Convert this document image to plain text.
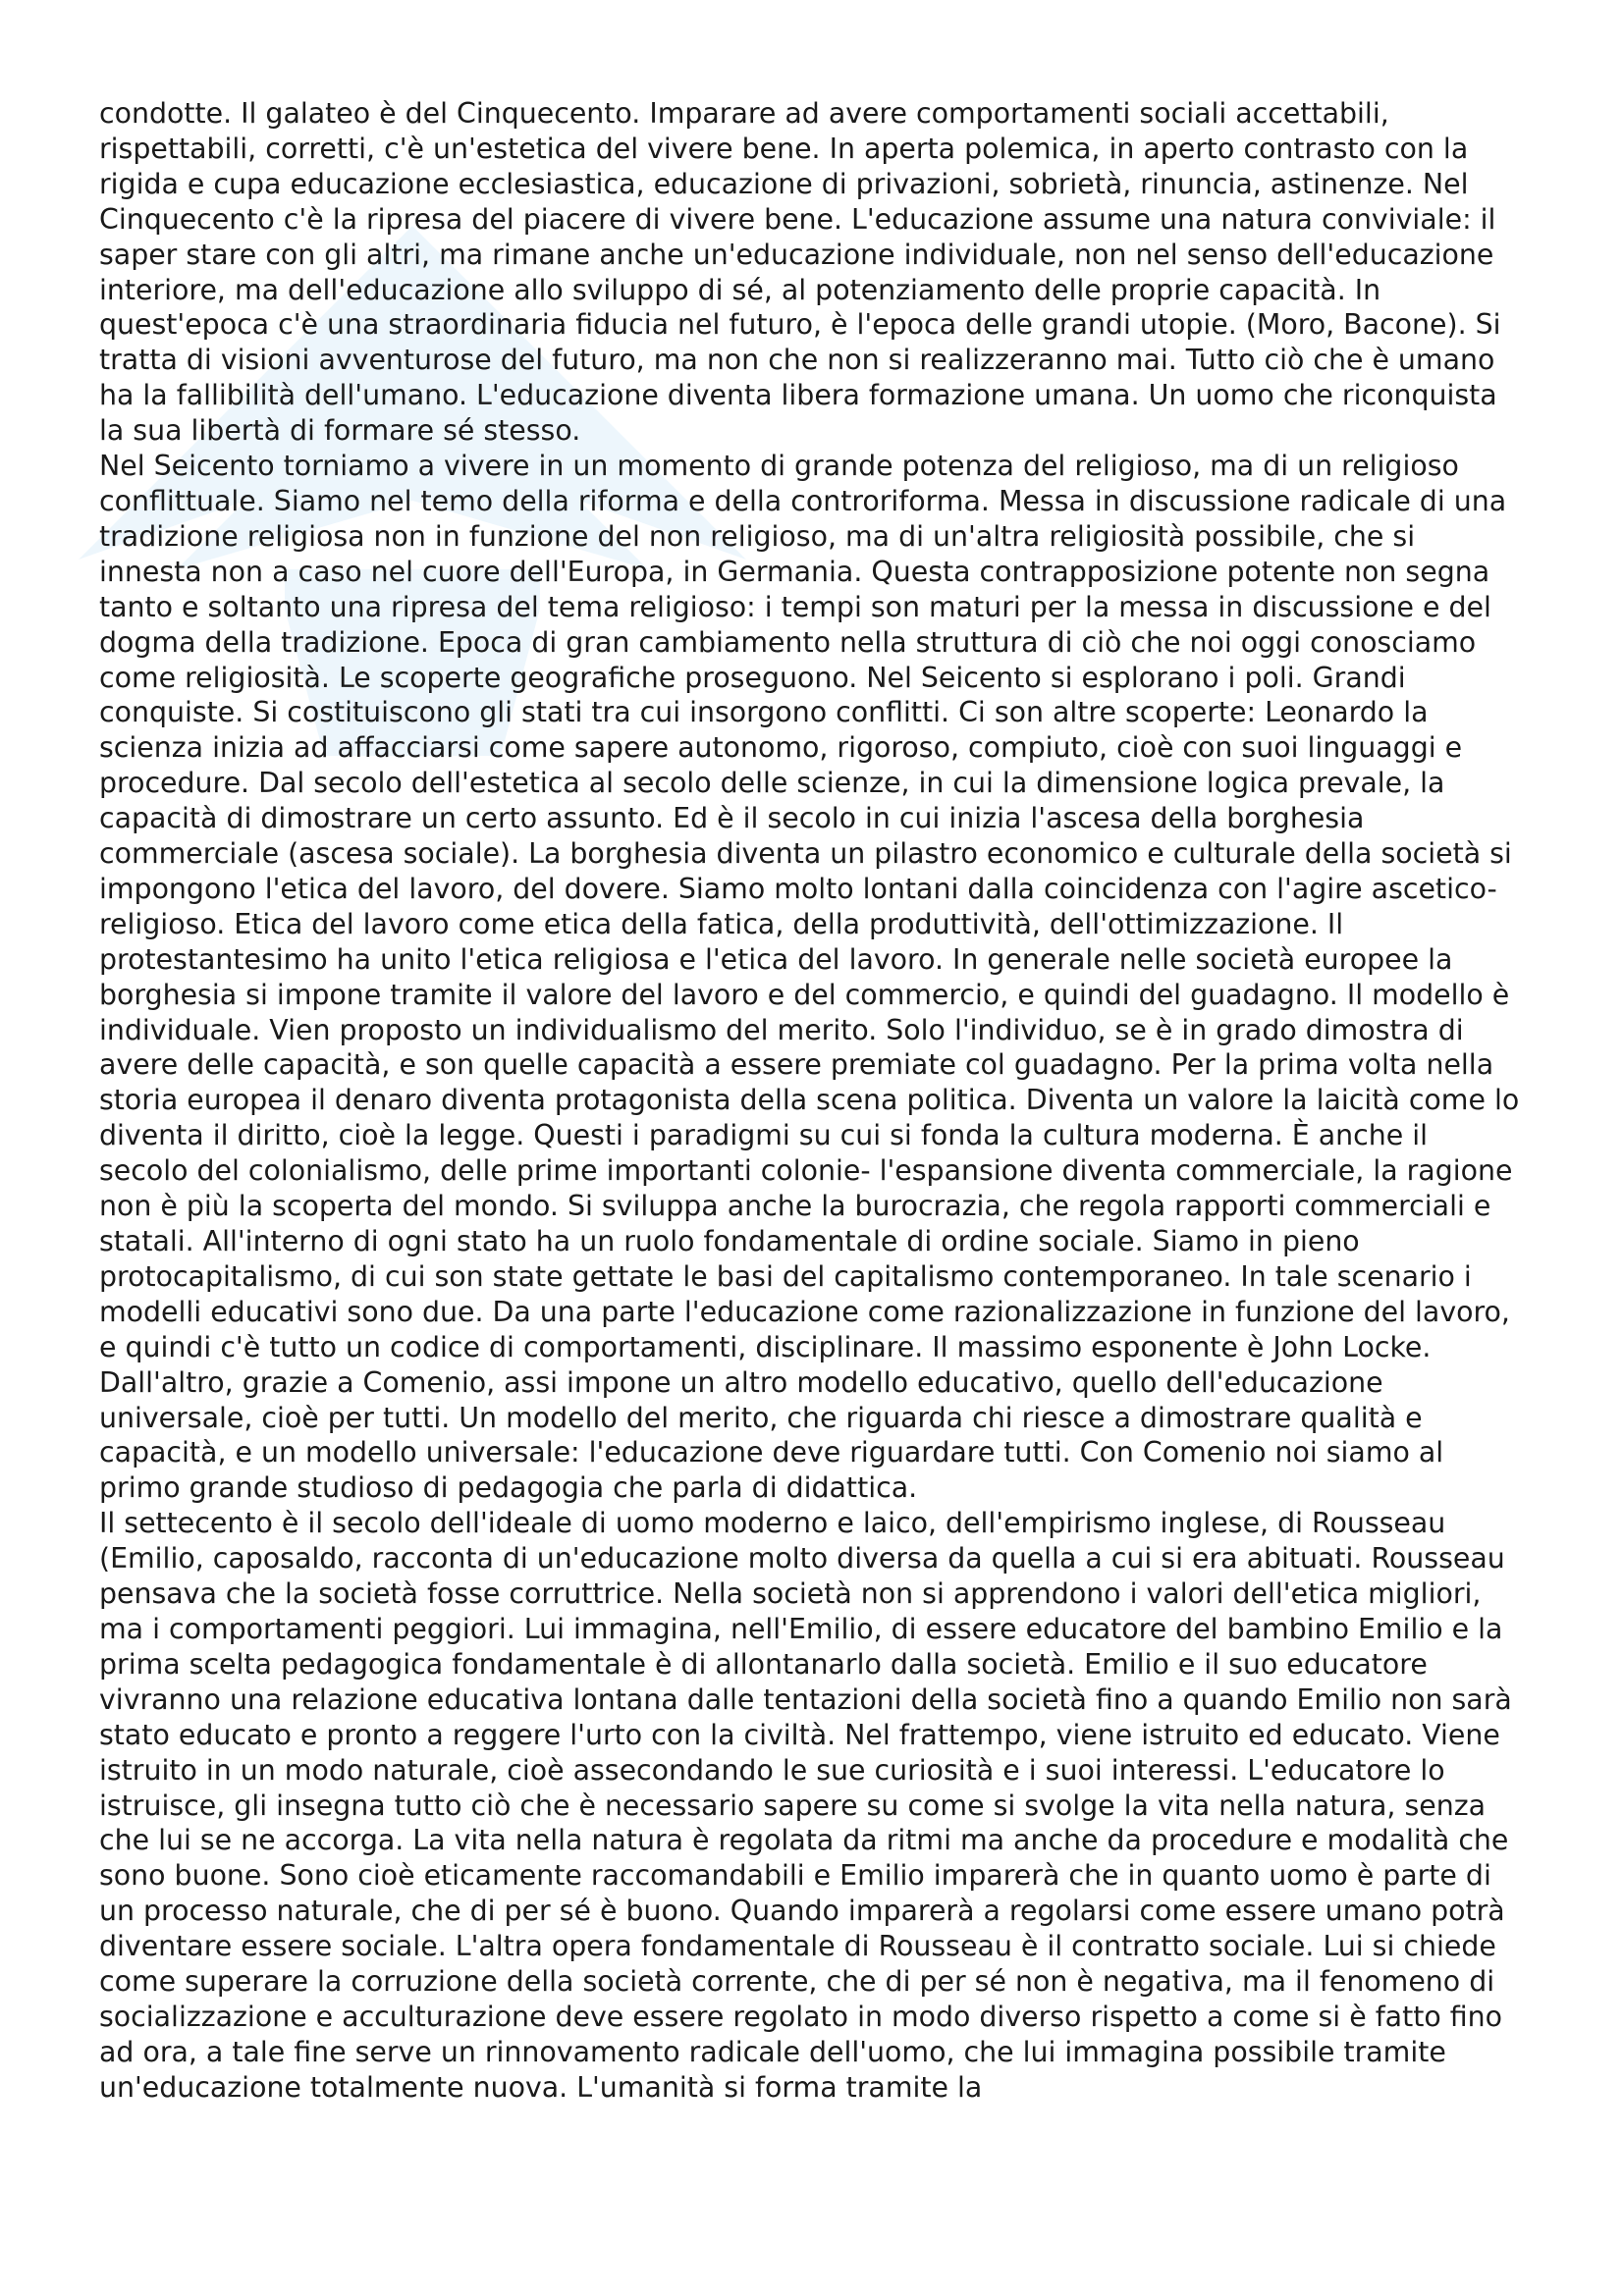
condotte. Il galateo è del Cinquecento. Imparare ad avere comportamenti sociali accettabili, rispettabili, corretti, c'è un'estetica del vivere bene. In aperta polemica, in aperto contrasto con la rigida e cupa educazione ecclesiastica, educazione di privazioni, sobrietà, rinuncia, astinenze. Nel Cinquecento c'è la ripresa del piacere di vivere bene. L'educazione assume una natura conviviale: il saper stare con gli altri, ma rimane anche un'educazione individuale, non nel senso dell'educazione interiore, ma dell'educazione allo sviluppo di sé, al potenziamento delle proprie capacità. In quest'epoca c'è una straordinaria fiducia nel futuro, è l'epoca delle grandi utopie. (Moro, Bacone). Si tratta di visioni avventurose del futuro, ma non che non si realizzeranno mai. Tutto ciò che è umano ha la fallibilità dell'umano. L'educazione diventa libera formazione umana. Un uomo che riconquista la sua libertà di formare sé stesso.

Nel Seicento torniamo a vivere in un momento di grande potenza del religioso, ma di un religioso conflittuale. Siamo nel temo della riforma e della controriforma. Messa in discussione radicale di una tradizione religiosa non in funzione del non religioso, ma di un'altra religiosità possibile, che si innesta non a caso nel cuore dell'Europa, in Germania. Questa contrapposizione potente non segna tanto e soltanto una ripresa del tema religioso: i tempi son maturi per la messa in discussione e del dogma della tradizione. Epoca di gran cambiamento nella struttura di ciò che noi oggi conosciamo come religiosità. Le scoperte geografiche proseguono. Nel Seicento si esplorano i poli. Grandi conquiste. Si costituiscono gli stati tra cui insorgono conflitti. Ci son altre scoperte: Leonardo la scienza inizia ad affacciarsi come sapere autonomo, rigoroso, compiuto, cioè con suoi linguaggi e procedure. Dal secolo dell'estetica al secolo delle scienze, in cui la dimensione logica prevale, la capacità di dimostrare un certo assunto. Ed è il secolo in cui inizia l'ascesa della borghesia commerciale (ascesa sociale). La borghesia diventa un pilastro economico e culturale della società si impongono l'etica del lavoro, del dovere. Siamo molto lontani dalla coincidenza con l'agire ascetico-religioso. Etica del lavoro come etica della fatica, della produttività, dell'ottimizzazione. Il protestantesimo ha unito l'etica religiosa e l'etica del lavoro. In generale nelle società europee la borghesia si impone tramite il valore del lavoro e del commercio, e quindi del guadagno. Il modello è individuale. Vien proposto un individualismo del merito. Solo l'individuo, se è in grado dimostra di avere delle capacità, e son quelle capacità a essere premiate col guadagno. Per la prima volta nella storia europea il denaro diventa protagonista della scena politica. Diventa un valore la laicità come lo diventa il diritto, cioè la legge. Questi i paradigmi su cui si fonda la cultura moderna. È anche il secolo del colonialismo, delle prime importanti colonie- l'espansione diventa commerciale, la ragione non è più la scoperta del mondo. Si sviluppa anche la burocrazia, che regola rapporti commerciali e statali. All'interno di ogni stato ha un ruolo fondamentale di ordine sociale. Siamo in pieno protocapitalismo, di cui son state gettate le basi del capitalismo contemporaneo. In tale scenario i modelli educativi sono due. Da una parte l'educazione come razionalizzazione in funzione del lavoro, e quindi c'è tutto un codice di comportamenti, disciplinare. Il massimo esponente è John Locke. Dall'altro, grazie a Comenio, assi impone un altro modello educativo, quello dell'educazione universale, cioè per tutti. Un modello del merito, che riguarda chi riesce a dimostrare qualità e capacità, e un modello universale: l'educazione deve riguardare tutti. Con Comenio noi siamo al primo grande studioso di pedagogia che parla di didattica.

Il settecento è il secolo dell'ideale di uomo moderno e laico, dell'empirismo inglese, di Rousseau (Emilio, caposaldo, racconta di un'educazione molto diversa da quella a cui si era abituati. Rousseau pensava che la società fosse corruttrice. Nella società non si apprendono i valori dell'etica migliori, ma i comportamenti peggiori. Lui immagina, nell'Emilio, di essere educatore del bambino Emilio e la prima scelta pedagogica fondamentale è di allontanarlo dalla società. Emilio e il suo educatore vivranno una relazione educativa lontana dalle tentazioni della società fino a quando Emilio non sarà stato educato e pronto a reggere l'urto con la civiltà. Nel frattempo, viene istruito ed educato. Viene istruito in un modo naturale, cioè assecondando le sue curiosità e i suoi interessi. L'educatore lo istruisce, gli insegna tutto ciò che è necessario sapere su come si svolge la vita nella natura, senza che lui se ne accorga. La vita nella natura è regolata da ritmi ma anche da procedure e modalità che sono buone. Sono cioè eticamente raccomandabili e Emilio imparerà che in quanto uomo è parte di un processo naturale, che di per sé è buono. Quando imparerà a regolarsi come essere umano potrà diventare essere sociale. L'altra opera fondamentale di Rousseau è il contratto sociale. Lui si chiede come superare la corruzione della società corrente, che di per sé non è negativa, ma il fenomeno di socializzazione e acculturazione deve essere regolato in modo diverso rispetto a come si è fatto fino ad ora, a tale fine serve un rinnovamento radicale dell'uomo, che lui immagina possibile tramite un'educazione totalmente nuova. L'umanità si forma tramite la
